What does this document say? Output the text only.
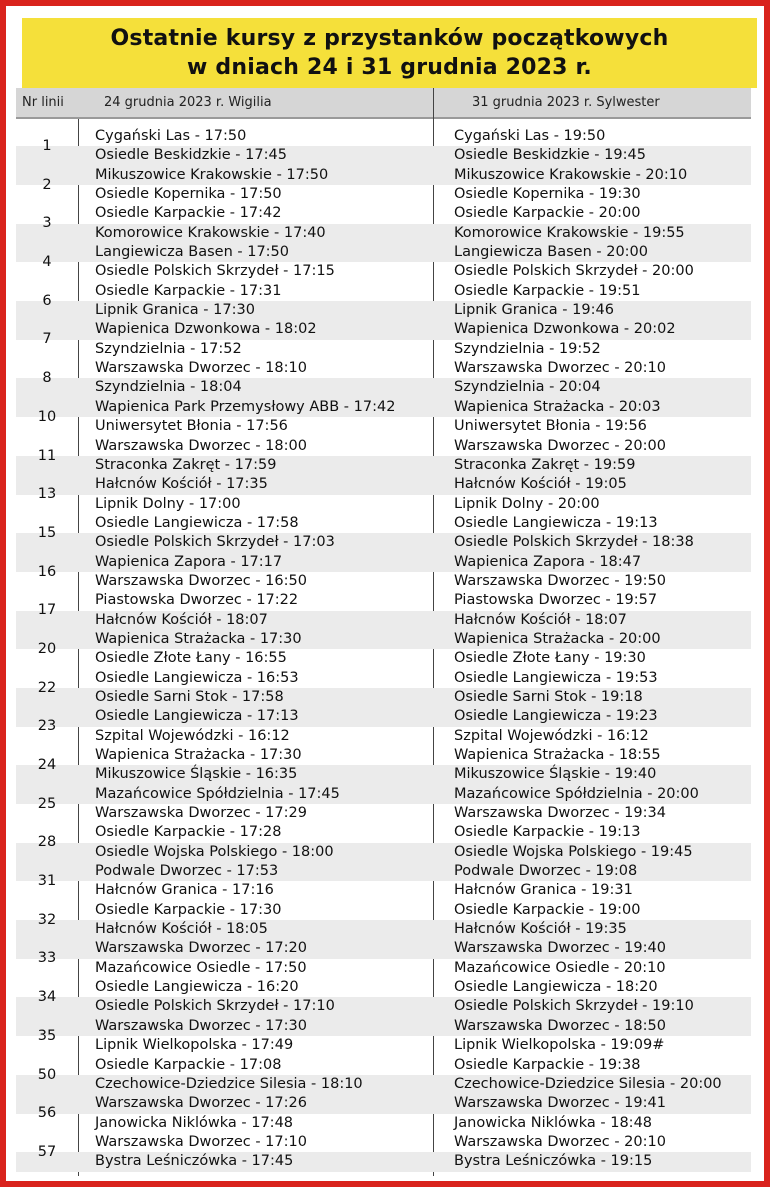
Ostatnie kursy z przystanków początkowych
w dniach 24 i 31 grudnia 2023 r.
Nr linii	24 grudnia 2023 r. Wigilia	31 grudnia 2023 r. Sylwester
1
Cygański Las - 17:50
Osiedle Beskidzkie - 17:45
Cygański Las - 19:50
Osiedle Beskidzkie - 19:45
2
Mikuszowice Krakowskie - 17:50
Osiedle Kopernika - 17:50
Mikuszowice Krakowskie - 20:10
Osiedle Kopernika - 19:30
3
Osiedle Karpackie - 17:42
Komorowice Krakowskie - 17:40
Osiedle Karpackie - 20:00
Komorowice Krakowskie - 19:55
4
Langiewicza Basen - 17:50
Osiedle Polskich Skrzydeł - 17:15
Langiewicza Basen - 20:00
Osiedle Polskich Skrzydeł - 20:00
6
Osiedle Karpackie - 17:31
Lipnik Granica - 17:30
Osiedle Karpackie - 19:51
Lipnik Granica - 19:46
7
Wapienica Dzwonkowa - 18:02
Szyndzielnia - 17:52
Wapienica Dzwonkowa - 20:02
Szyndzielnia - 19:52
8
Warszawska Dworzec - 18:10
Szyndzielnia - 18:04
Warszawska Dworzec - 20:10
Szyndzielnia - 20:04
10
Wapienica Park Przemysłowy ABB - 17:42
Uniwersytet Błonia - 17:56
Wapienica Strażacka - 20:03
Uniwersytet Błonia - 19:56
11
Warszawska Dworzec - 18:00
Straconka Zakręt - 17:59
Warszawska Dworzec - 20:00
Straconka Zakręt - 19:59
13
Hałcnów Kościół - 17:35
Lipnik Dolny - 17:00
Hałcnów Kościół - 19:05
Lipnik Dolny - 20:00
15
Osiedle Langiewicza - 17:58
Osiedle Polskich Skrzydeł - 17:03
Osiedle Langiewicza - 19:13
Osiedle Polskich Skrzydeł - 18:38
16
Wapienica Zapora - 17:17
Warszawska Dworzec - 16:50
Wapienica Zapora - 18:47
Warszawska Dworzec - 19:50
17
Piastowska Dworzec - 17:22
Hałcnów Kościół - 18:07
Piastowska Dworzec - 19:57
Hałcnów Kościół - 18:07
20
Wapienica Strażacka - 17:30
Osiedle Złote Łany - 16:55
Wapienica Strażacka - 20:00
Osiedle Złote Łany - 19:30
22
Osiedle Langiewicza - 16:53
Osiedle Sarni Stok - 17:58
Osiedle Langiewicza - 19:53
Osiedle Sarni Stok - 19:18
23
Osiedle Langiewicza - 17:13
Szpital Wojewódzki - 16:12
Osiedle Langiewicza - 19:23
Szpital Wojewódzki - 16:12
24
Wapienica Strażacka - 17:30
Mikuszowice Śląskie - 16:35
Wapienica Strażacka - 18:55
Mikuszowice Śląskie - 19:40
25
Mazańcowice Spółdzielnia - 17:45
Warszawska Dworzec - 17:29
Mazańcowice Spółdzielnia - 20:00
Warszawska Dworzec - 19:34
28
Osiedle Karpackie - 17:28
Osiedle Wojska Polskiego - 18:00
Osiedle Karpackie - 19:13
Osiedle Wojska Polskiego - 19:45
31
Podwale Dworzec - 17:53
Hałcnów Granica - 17:16
Podwale Dworzec - 19:08
Hałcnów Granica - 19:31
32
Osiedle Karpackie - 17:30
Hałcnów Kościół - 18:05
Osiedle Karpackie - 19:00
Hałcnów Kościół - 19:35
33
Warszawska Dworzec - 17:20
Mazańcowice Osiedle - 17:50
Warszawska Dworzec - 19:40
Mazańcowice Osiedle - 20:10
34
Osiedle Langiewicza - 16:20
Osiedle Polskich Skrzydeł - 17:10
Osiedle Langiewicza - 18:20
Osiedle Polskich Skrzydeł - 19:10
35
Warszawska Dworzec - 17:30
Lipnik Wielkopolska - 17:49
Warszawska Dworzec - 18:50
Lipnik Wielkopolska - 19:09#
50
Osiedle Karpackie - 17:08
Czechowice-Dziedzice Silesia - 18:10
Osiedle Karpackie - 19:38
Czechowice-Dziedzice Silesia - 20:00
56
Warszawska Dworzec - 17:26
Janowicka Niklówka - 17:48
Warszawska Dworzec - 19:41
Janowicka Niklówka - 18:48
57
Warszawska Dworzec - 17:10
Bystra Leśniczówka - 17:45
Warszawska Dworzec - 20:10
Bystra Leśniczówka - 19:15
